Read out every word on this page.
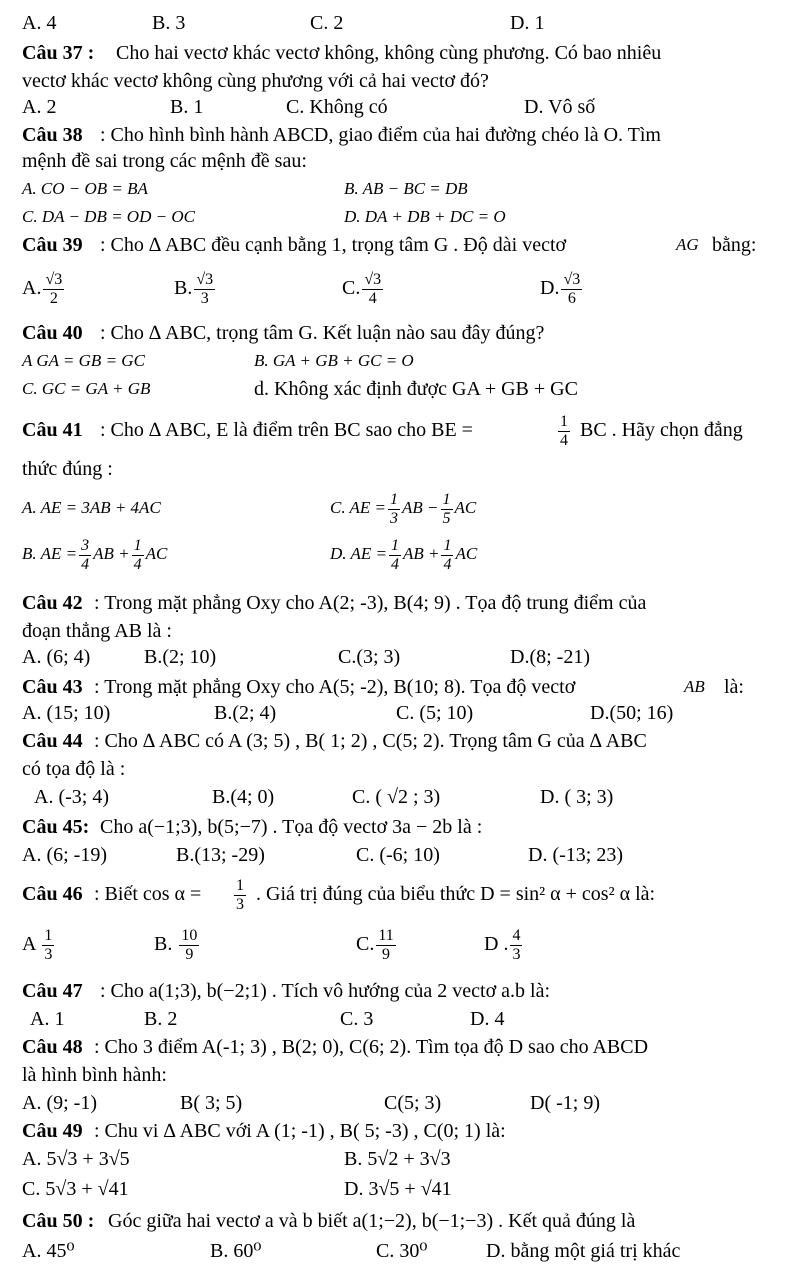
A. 4	B. 3	C. 2	D. 1
Câu 37 : Cho hai vectơ khác vectơ không, không cùng phương. Có bao nhiêu
vectơ khác vectơ không cùng phương với cả hai vectơ đó?
A. 2	B. 1	C. Không có	D. Vô số
Câu 38 : Cho hình bình hành ABCD, giao điểm của hai đường chéo là O. Tìm
mệnh đề sai trong các mệnh đề sau:
A. CO − OB = BA	B. AB − BC = DB
C. DA − DB = OD − OC	D. DA + DB + DC = O
Câu 39 : Cho ∆ ABC đều cạnh bằng 1, trọng tâm G . Độ dài vectơ	AG bằng:
A. $\frac{√3}{2}$	B. $\frac{√3}{3}$	C. $\frac{√3}{4}$	D. $\frac{√3}{6}$
Câu 40 : Cho ∆ ABC, trọng tâm G. Kết luận nào sau đây đúng?
A GA = GB = GC	B. GA + GB + GC = O
C. GC = GA + GB	d. Không xác định được GA + GB + GC
Câu 41 : Cho ∆ ABC, E là điểm trên BC sao cho BE =	$\frac{1}{4}$ BC . Hãy chọn đẳng
thức đúng :
A. AE = 3AB + 4AC	C. AE = $\frac{1}{3}$ AB − $\frac{1}{5}$ AC
B. AE = $\frac{3}{4}$ AB + $\frac{1}{4}$ AC	D. AE = $\frac{1}{4}$ AB + $\frac{1}{4}$ AC
Câu 42 : Trong mặt phẳng Oxy cho A(2; -3), B(4; 9) . Tọa độ trung điểm của
đoạn thẳng AB là :
A. (6; 4)	B.(2; 10)	C.(3; 3)	D.(8; -21)
Câu 43 : Trong mặt phẳng Oxy cho A(5; -2), B(10; 8). Tọa độ vectơ	AB là:
A. (15; 10)	B.(2; 4)	C. (5; 10)	D.(50; 16)
Câu 44 : Cho ∆ ABC có A (3; 5) , B( 1; 2) , C(5; 2). Trọng tâm G của ∆ ABC
có tọa độ là :
A. (-3; 4)	B.(4; 0)	C. ( √2 ; 3)	D. ( 3; 3)
Câu 45: Cho a(−1;3), b(5;−7) . Tọa độ vectơ 3a − 2b là :
A. (6; -19)	B.(13; -29)	C. (-6; 10)	D. (-13; 23)
Câu 46 : Biết $\cos \alpha = \frac{1}{3}$ . Giá trị đúng của biểu thức D = sin² α + cos² α là:
A $\frac{1}{3}$	B. $\frac{10}{9}$	C. $\frac{11}{9}$	D . $\frac{4}{3}$
Câu 47 : Cho a(1;3), b(−2;1) . Tích vô hướng của 2 vectơ a.b là:
A. 1	B. 2	C. 3	D. 4
Câu 48 : Cho 3 điểm A(-1; 3) , B(2; 0), C(6; 2). Tìm tọa độ D sao cho ABCD
là hình bình hành:
A. (9; -1)	B( 3; 5)	C(5; 3)	D( -1; 9)
Câu 49 : Chu vi ∆ ABC với A (1; -1) , B( 5; -3) , C(0; 1) là:
A. 5√3 + 3√5	B. 5√2 + 3√3
C. 5√3 + √41	D. 3√5 + √41
Câu 50 : Góc giữa hai vectơ a và b biết a(1;−2), b(−1;−3) . Kết quả đúng là
A. 45⁰	B. 60⁰	C. 30⁰	D. bằng một giá trị khác
